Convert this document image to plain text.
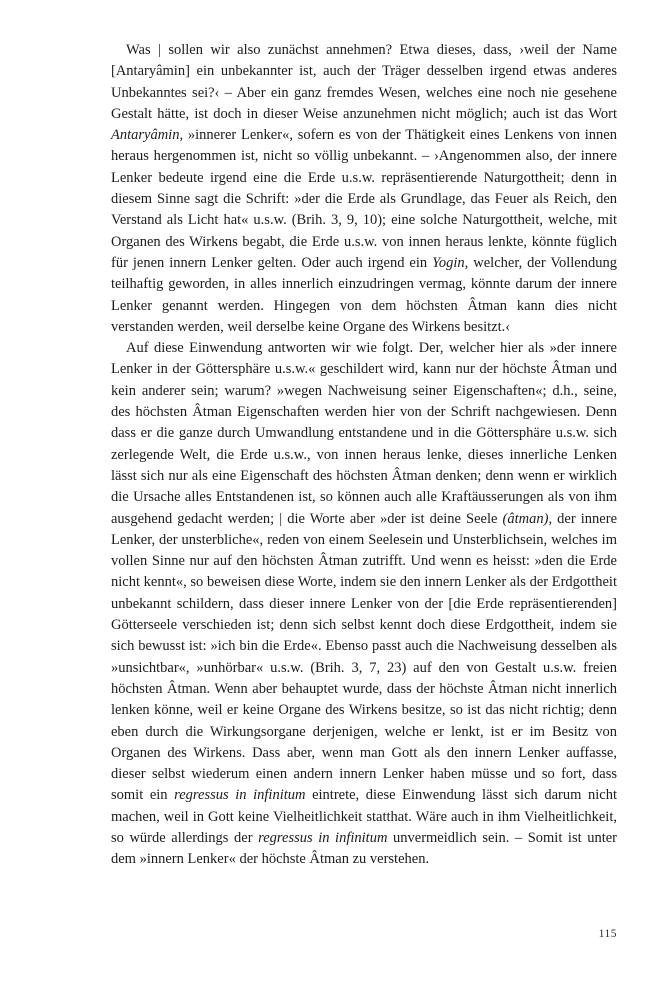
Was | sollen wir also zunächst annehmen? Etwa dieses, dass, ›weil der Name [Antaryâmin] ein unbekannter ist, auch der Träger desselben irgend etwas anderes Unbekanntes sei?‹ – Aber ein ganz fremdes Wesen, welches eine noch nie gesehene Gestalt hätte, ist doch in dieser Weise anzunehmen nicht möglich; auch ist das Wort Antaryâmin, »innerer Lenker«, sofern es von der Thätigkeit eines Lenkens von innen heraus hergenommen ist, nicht so völlig unbekannt. – ›Angenommen also, der innere Lenker bedeute irgend eine die Erde u.s.w. repräsentierende Naturgottheit; denn in diesem Sinne sagt die Schrift: »der die Erde als Grundlage, das Feuer als Reich, den Verstand als Licht hat« u.s.w. (Brih. 3, 9, 10); eine solche Naturgottheit, welche, mit Organen des Wirkens begabt, die Erde u.s.w. von innen heraus lenkte, könnte füglich für jenen innern Lenker gelten. Oder auch irgend ein Yogin, welcher, der Vollendung teilhaftig geworden, in alles innerlich einzudringen vermag, könnte darum der innere Lenker genannt werden. Hingegen von dem höchsten Âtman kann dies nicht verstanden werden, weil derselbe keine Organe des Wirkens besitzt.‹

Auf diese Einwendung antworten wir wie folgt. Der, welcher hier als »der innere Lenker in der Göttersphäre u.s.w.« geschildert wird, kann nur der höchste Âtman und kein anderer sein; warum? »wegen Nachweisung seiner Eigenschaften«; d.h., seine, des höchsten Âtman Eigenschaften werden hier von der Schrift nachgewiesen. Denn dass er die ganze durch Umwandlung entstandene und in die Göttersphäre u.s.w. sich zerlegende Welt, die Erde u.s.w., von innen heraus lenke, dieses innerliche Lenken lässt sich nur als eine Eigenschaft des höchsten Âtman denken; denn wenn er wirklich die Ursache alles Entstandenen ist, so können auch alle Kraftäusserungen als von ihm ausgehend gedacht werden; | die Worte aber »der ist deine Seele (âtman), der innere Lenker, der unsterbliche«, reden von einem Seelesein und Unsterblichsein, welches im vollen Sinne nur auf den höchsten Âtman zutrifft. Und wenn es heisst: »den die Erde nicht kennt«, so beweisen diese Worte, indem sie den innern Lenker als der Erdgottheit unbekannt schildern, dass dieser innere Lenker von der [die Erde repräsentierenden] Götterseele verschieden ist; denn sich selbst kennt doch diese Erdgottheit, indem sie sich bewusst ist: »ich bin die Erde«. Ebenso passt auch die Nachweisung desselben als »unsichtbar«, »unhörbar« u.s.w. (Brih. 3, 7, 23) auf den von Gestalt u.s.w. freien höchsten Âtman. Wenn aber behauptet wurde, dass der höchste Âtman nicht innerlich lenken könne, weil er keine Organe des Wirkens besitze, so ist das nicht richtig; denn eben durch die Wirkungsorgane derjenigen, welche er lenkt, ist er im Besitz von Organen des Wirkens. Dass aber, wenn man Gott als den innern Lenker auffasse, dieser selbst wiederum einen andern innern Lenker haben müsse und so fort, dass somit ein regressus in infinitum eintrete, diese Einwendung lässt sich darum nicht machen, weil in Gott keine Vielheitlichkeit statthat. Wäre auch in ihm Vielheitlichkeit, so würde allerdings der regressus in infinitum unvermeidlich sein. – Somit ist unter dem »innern Lenker« der höchste Âtman zu verstehen.

115
